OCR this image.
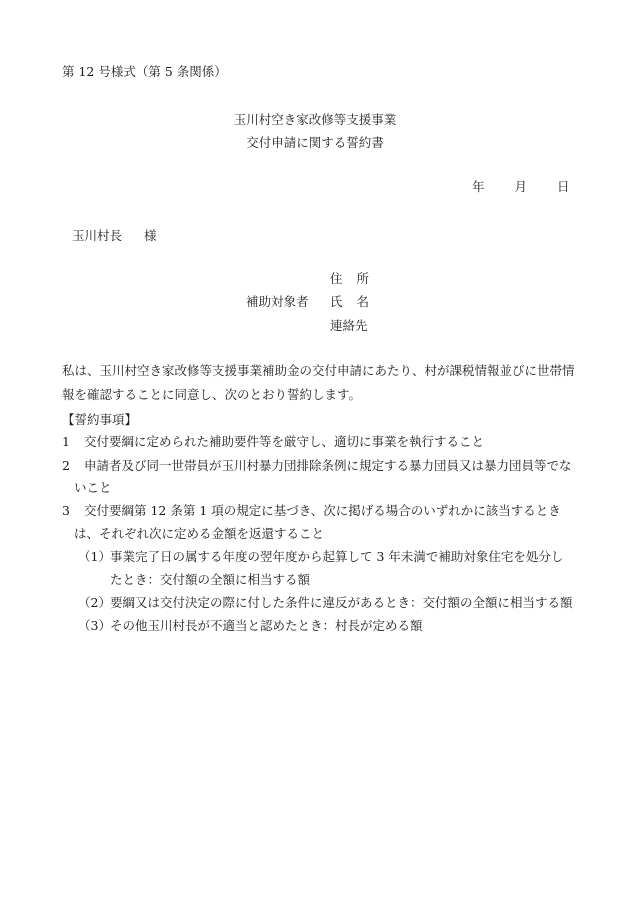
第 12 号様式（第 5 条関係）
玉川村空き家改修等支援事業
交付申請に関する誓約書
年 月 日
玉川村長 様
補助対象者
住 所
氏 名
連絡先
私は、玉川村空き家改修等支援事業補助金の交付申請にあたり、村が課税情報並びに世帯情
報を確認することに同意し、次のとおり誓約します。
【誓約事項】
1 交付要綱に定められた補助要件等を厳守し、適切に事業を執行すること
2 申請者及び同一世帯員が玉川村暴力団排除条例に規定する暴力団員又は暴力団員等でな
いこと
3 交付要綱第 12 条第 1 項の規定に基づき、次に掲げる場合のいずれかに該当するとき
は、それぞれ次に定める金額を返還すること
（1）事業完了日の属する年度の翌年度から起算して 3 年未満で補助対象住宅を処分し
たとき：交付額の全額に相当する額
（2）要綱又は交付決定の際に付した条件に違反があるとき：交付額の全額に相当する額
（3）その他玉川村長が不適当と認めたとき：村長が定める額
